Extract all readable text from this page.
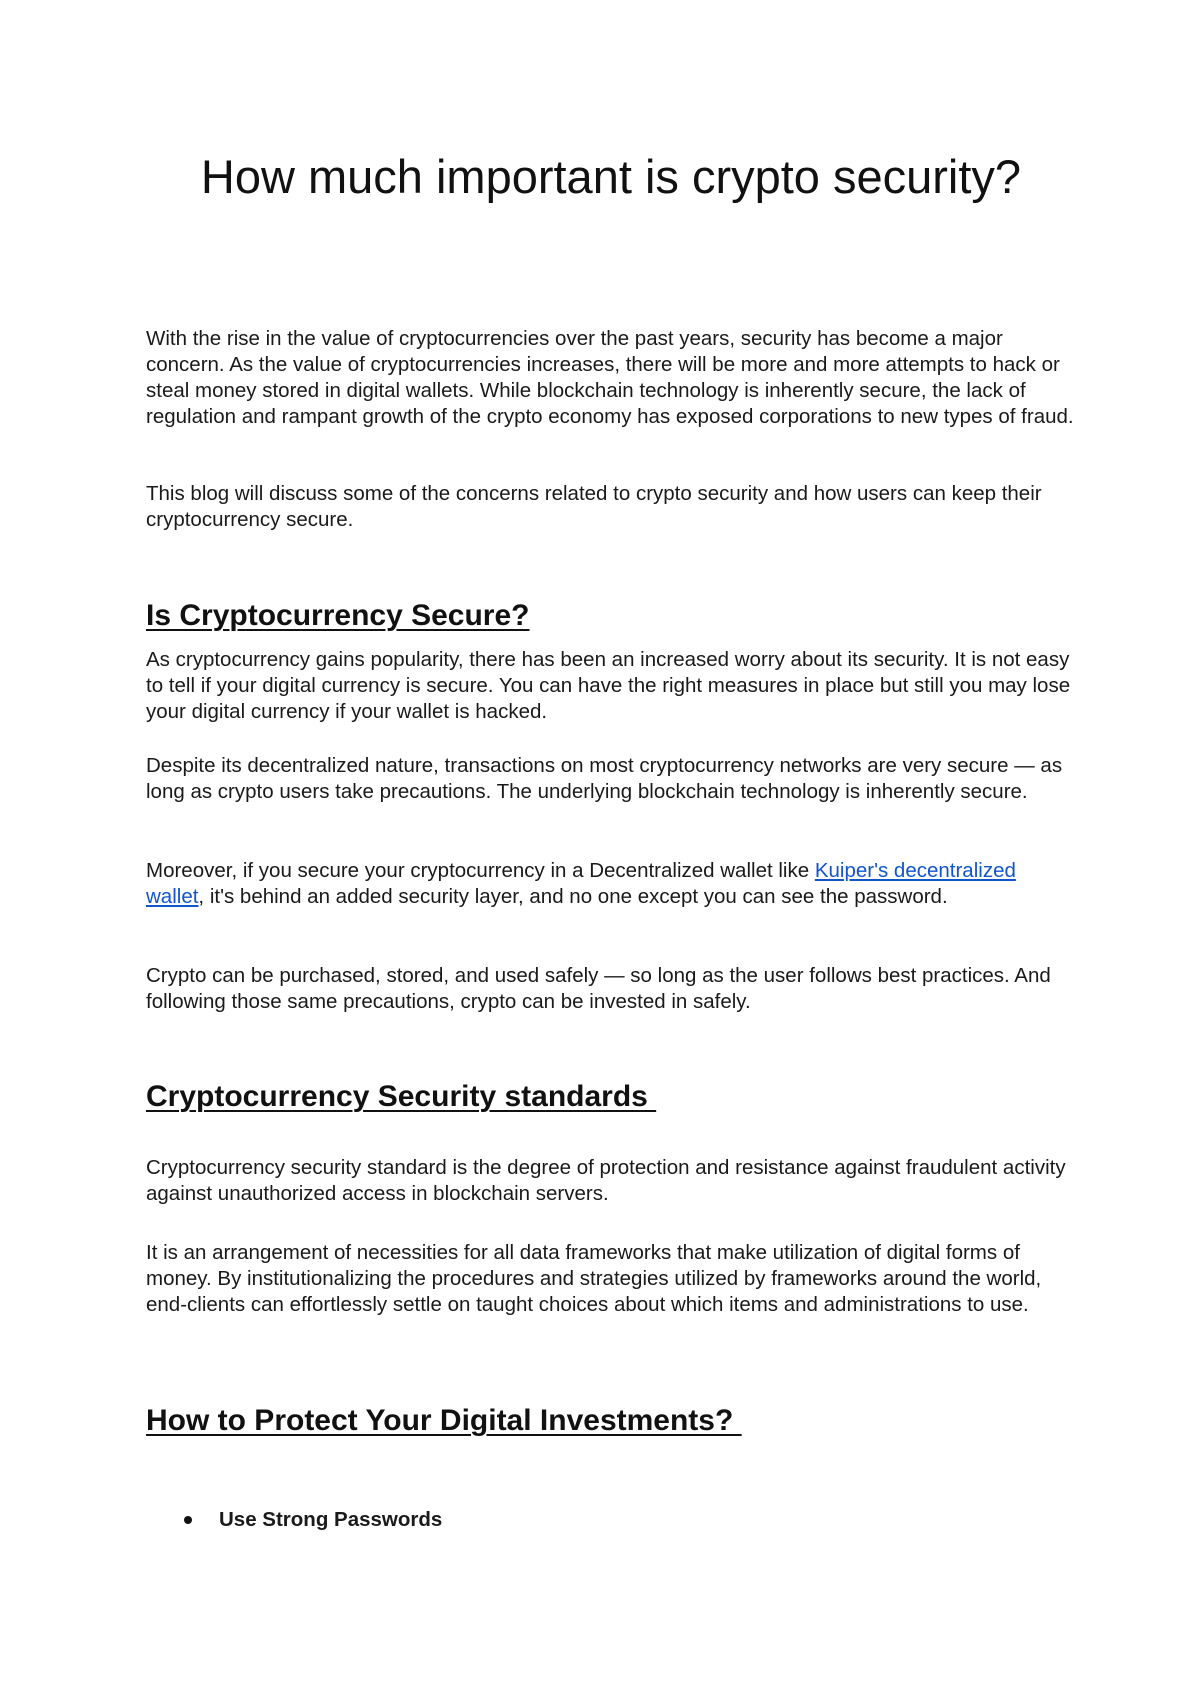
How much important is crypto security?

With the rise in the value of cryptocurrencies over the past years, security has become a major concern. As the value of cryptocurrencies increases, there will be more and more attempts to hack or steal money stored in digital wallets. While blockchain technology is inherently secure, the lack of regulation and rampant growth of the crypto economy has exposed corporations to new types of fraud.

This blog will discuss some of the concerns related to crypto security and how users can keep their cryptocurrency secure.

Is Cryptocurrency Secure?

As cryptocurrency gains popularity, there has been an increased worry about its security. It is not easy to tell if your digital currency is secure. You can have the right measures in place but still you may lose your digital currency if your wallet is hacked.

Despite its decentralized nature, transactions on most cryptocurrency networks are very secure — as long as crypto users take precautions. The underlying blockchain technology is inherently secure.

Moreover, if you secure your cryptocurrency in a Decentralized wallet like Kuiper's decentralized wallet, it's behind an added security layer, and no one except you can see the password.

Crypto can be purchased, stored, and used safely — so long as the user follows best practices. And following those same precautions, crypto can be invested in safely.

Cryptocurrency Security standards

Cryptocurrency security standard is the degree of protection and resistance against fraudulent activity against unauthorized access in blockchain servers.

It is an arrangement of necessities for all data frameworks that make utilization of digital forms of money. By institutionalizing the procedures and strategies utilized by frameworks around the world, end-clients can effortlessly settle on taught choices about which items and administrations to use.

How to Protect Your Digital Investments?
Use Strong Passwords
